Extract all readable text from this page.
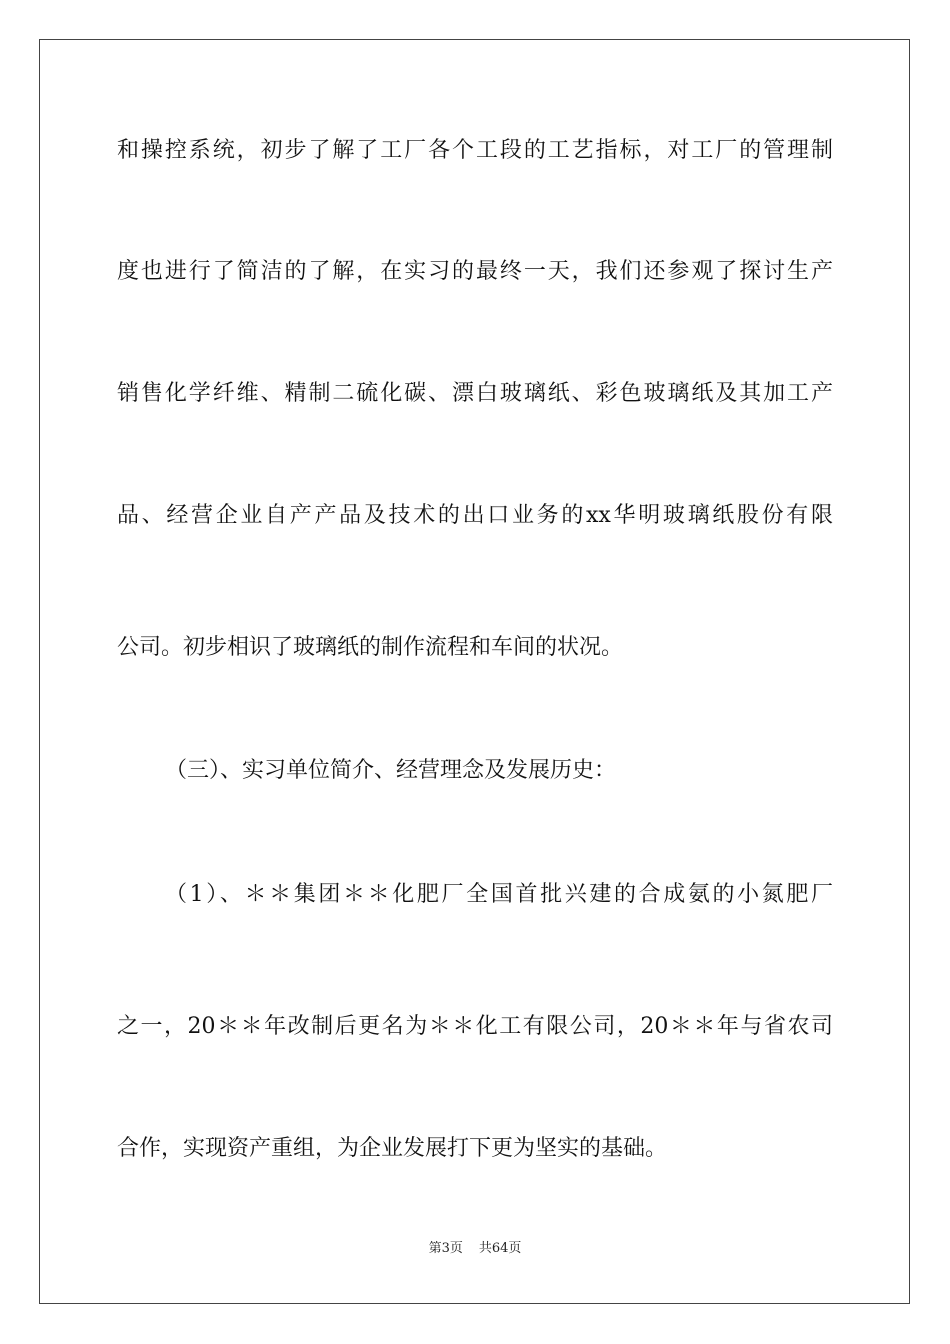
和操控系统，初步了解了工厂各个工段的工艺指标，对工厂的管理制
度也进行了简洁的了解，在实习的最终一天，我们还参观了探讨生产
销售化学纤维、精制二硫化碳、漂白玻璃纸、彩色玻璃纸及其加工产
品、经营企业自产产品及技术的出口业务的xx华明玻璃纸股份有限
公司。初步相识了玻璃纸的制作流程和车间的状况。
（三）、实习单位简介、经营理念及发展历史：
（1）、＊＊集团＊＊化肥厂全国首批兴建的合成氨的小氮肥厂
之一，20＊＊年改制后更名为＊＊化工有限公司，20＊＊年与省农司
合作，实现资产重组，为企业发展打下更为坚实的基础。
第3页 共64页
